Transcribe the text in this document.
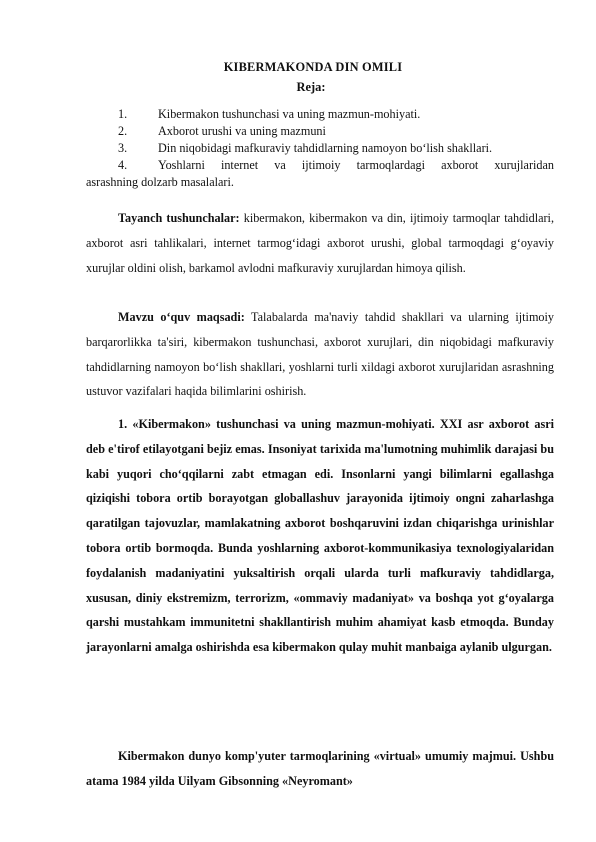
KIBERMAKONDA DIN OMILI
Reja:
1.	Kibermakon tushunchasi va uning mazmun-mohiyati.
2.	Axborot urushi va uning mazmuni
3.	Din niqobidagi mafkuraviy tahdidlarning namoyon bo‘lish shakllari.
4.	Yoshlarni internet va ijtimoiy tarmoqlardagi axborot xurujlaridan
asrashning dolzarb masalalari.
Tayanch tushunchalar: kibermakon, kibermakon va din, ijtimoiy tarmoqlar tahdidlari, axborot asri tahlikalari, internet tarmog‘idagi axborot urushi, global tarmoqdagi g‘oyaviy xurujlar oldini olish, barkamol avlodni mafkuraviy xurujlardan himoya qilish.
Mavzu o‘quv maqsadi: Talabalarda ma'naviy tahdid shakllari va ularning ijtimoiy barqarorlikka ta'siri, kibermakon tushunchasi, axborot xurujlari, din niqobidagi mafkuraviy tahdidlarning namoyon bo‘lish shakllari, yoshlarni turli xildagi axborot xurujlaridan asrashning ustuvor vazifalari haqida bilimlarini oshirish.
1. «Kibermakon» tushunchasi va uning mazmun-mohiyati. XXI asr axborot asri deb e'tirof etilayotgani bejiz emas. Insoniyat tarixida ma'lumotning muhimlik darajasi bu kabi yuqori cho‘qqilarni zabt etmagan edi. Insonlarni yangi bilimlarni egallashga qiziqishi tobora ortib borayotgan globallashuv jarayonida ijtimoiy ongni zaharlashga qaratilgan tajovuzlar, mamlakatning axborot boshqaruvini izdan chiqarishga urinishlar tobora ortib bormoqda. Bunda yoshlarning axborot-kommunikasiya texnologiyalaridan foydalanish madaniyatini yuksaltirish orqali ularda turli mafkuraviy tahdidlarga, xususan, diniy ekstremizm, terrorizm, «ommaviy madaniyat» va boshqa yot g‘oyalarga qarshi mustahkam immunitetni shakllantirish muhim ahamiyat kasb etmoqda. Bunday jarayonlarni amalga oshirishda esa kibermakon qulay muhit manbaiga aylanib ulgurgan.
Kibermakon dunyo komp'yuter tarmoqlarining «virtual» umumiy majmui. Ushbu atama 1984 yilda Uilyam Gibsonning «Neyromant»
